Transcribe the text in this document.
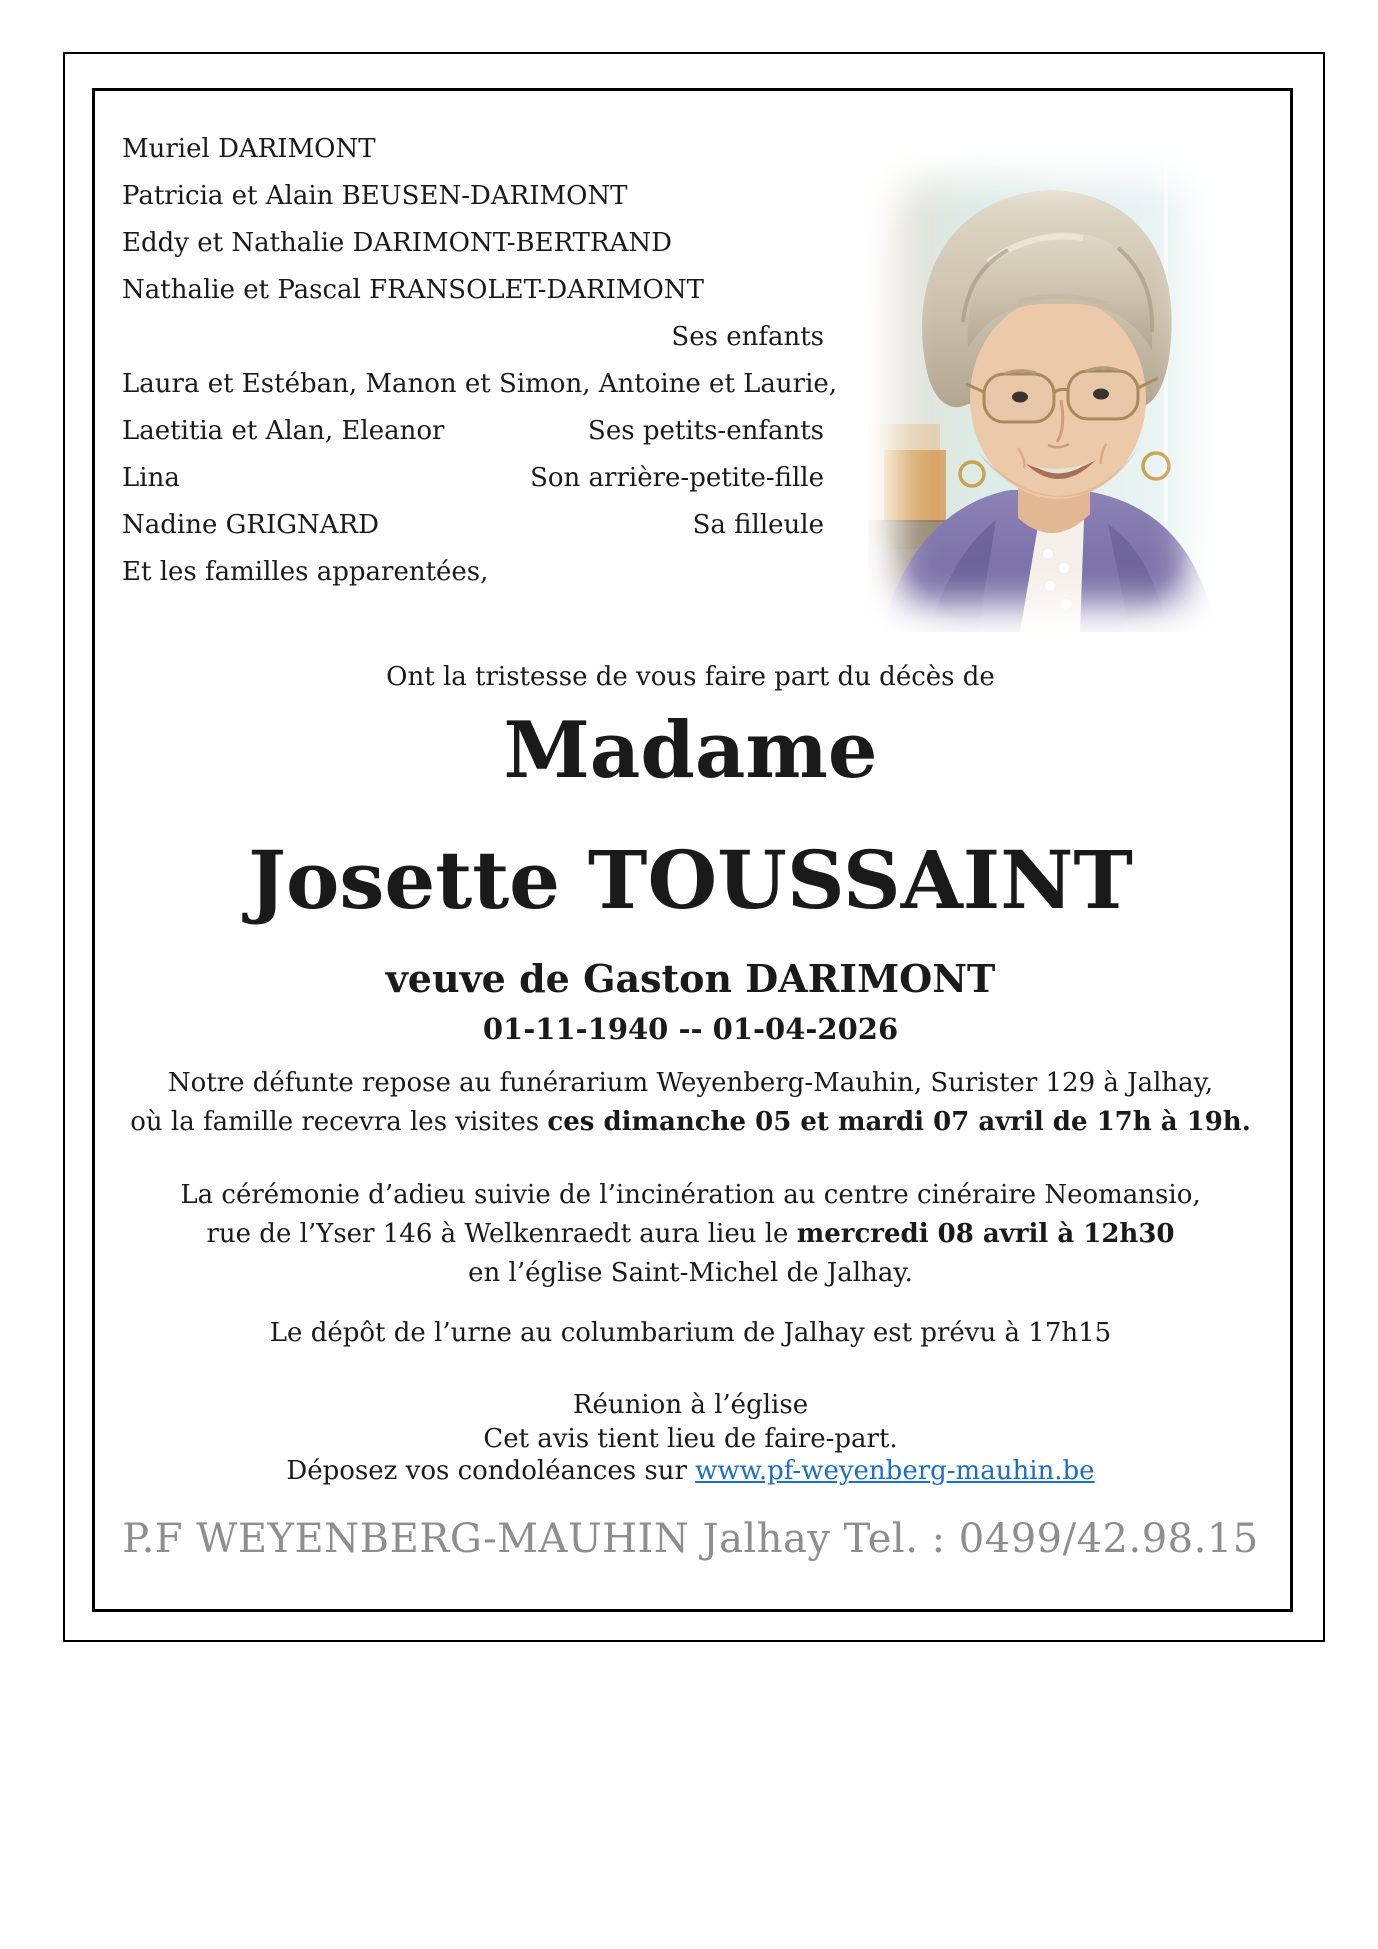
Muriel DARIMONT
Patricia et Alain BEUSEN-DARIMONT
Eddy et Nathalie DARIMONT-BERTRAND
Nathalie et Pascal FRANSOLET-DARIMONT
Ses enfants
Laura et Estéban, Manon et Simon, Antoine et Laurie,
Laetitia et Alan, Eleanor	Ses petits-enfants
Lina	Son arrière-petite-fille
Nadine GRIGNARD	Sa filleule
Et les familles apparentées,
Ont la tristesse de vous faire part du décès de
Madame
Josette TOUSSAINT
veuve de Gaston DARIMONT
01-11-1940 -- 01-04-2026
Notre défunte repose au funérarium Weyenberg-Mauhin, Surister 129 à Jalhay,
où la famille recevra les visites ces dimanche 05 et mardi 07 avril de 17h à 19h.
La cérémonie d’adieu suivie de l’incinération au centre cinéraire Neomansio,
rue de l’Yser 146 à Welkenraedt aura lieu le mercredi 08 avril à 12h30
en l’église Saint-Michel de Jalhay.
Le dépôt de l’urne au columbarium de Jalhay est prévu à 17h15
Réunion à l’église
Cet avis tient lieu de faire-part.
Déposez vos condoléances sur www.pf-weyenberg-mauhin.be
P.F WEYENBERG-MAUHIN Jalhay Tel. : 0499/42.98.15
